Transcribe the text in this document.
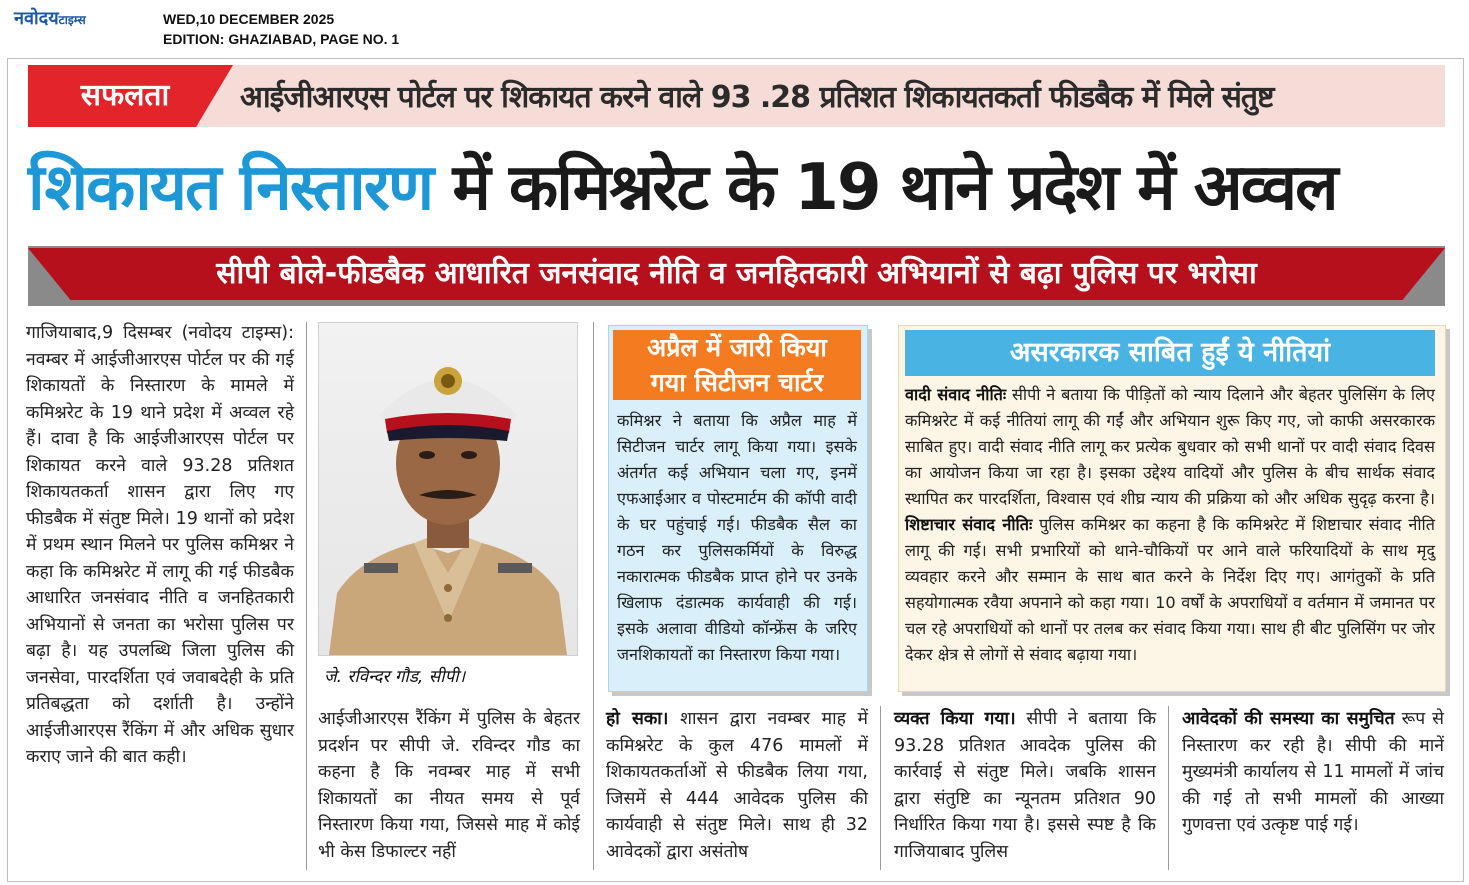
नवोदयटाइम्स	WED,10 DECEMBER 2025
EDITION: GHAZIABAD, PAGE NO. 1
सफलता	आईजीआरएस पोर्टल पर शिकायत करने वाले 93 .28 प्रतिशत शिकायतकर्ता फीडबैक में मिले संतुष्ट
शिकायत निस्तारण में कमिश्नरेट के 19 थाने प्रदेश में अव्वल
सीपी बोले-फीडबैक आधारित जनसंवाद नीति व जनहितकारी अभियानों से बढ़ा पुलिस पर भरोसा
गाजियाबाद,9 दिसम्बर (नवोदय टाइम्स): नवम्बर में आईजीआरएस पोर्टल पर की गई शिकायतों के निस्तारण के मामले में कमिश्नरेट के 19 थाने प्रदेश में अव्वल रहे हैं। दावा है कि आईजीआरएस पोर्टल पर शिकायत करने वाले 93.28 प्रतिशत शिकायतकर्ता शासन द्वारा लिए गए फीडबैक में संतुष्ट मिले। 19 थानों को प्रदेश में प्रथम स्थान मिलने पर पुलिस कमिश्नर ने कहा कि कमिश्नरेट में लागू की गई फीडबैक आधारित जनसंवाद नीति व जनहितकारी अभियानों से जनता का भरोसा पुलिस पर बढ़ा है। यह उपलब्धि जिला पुलिस की जनसेवा, पारदर्शिता एवं जवाबदेही के प्रति प्रतिबद्धता को दर्शाती है। उन्होंने आईजीआरएस रैंकिंग में और अधिक सुधार कराए जाने की बात कही।
जे. रविन्दर गौड, सीपी।
आईजीआरएस रैंकिंग में पुलिस के बेहतर प्रदर्शन पर सीपी जे. रविन्दर गौड का कहना है कि नवम्बर माह में सभी शिकायतों का नीयत समय से पूर्व निस्तारण किया गया, जिससे माह में कोई भी केस डिफाल्टर नहीं
अप्रैल में जारी किया
गया सिटीजन चार्टर
कमिश्नर ने बताया कि अप्रैल माह में सिटीजन चार्टर लागू किया गया। इसके अंतर्गत कई अभियान चला गए, इनमें एफआईआर व पोस्टमार्टम की कॉपी वादी के घर पहुंचाई गई। फीडबैक सैल का गठन कर पुलिसकर्मियों के विरुद्ध नकारात्मक फीडबैक प्राप्त होने पर उनके खिलाफ दंडात्मक कार्यवाही की गई। इसके अलावा वीडियो कॉन्फ्रेंस के जरिए जनशिकायतों का निस्तारण किया गया।
असरकारक साबित हुईं ये नीतियां
वादी संवाद नीतिः सीपी ने बताया कि पीड़ितों को न्याय दिलाने और बेहतर पुलिसिंग के लिए कमिश्नरेट में कई नीतियां लागू की गईं और अभियान शुरू किए गए, जो काफी असरकारक साबित हुए। वादी संवाद नीति लागू कर प्रत्येक बुधवार को सभी थानों पर वादी संवाद दिवस का आयोजन किया जा रहा है। इसका उद्देश्य वादियों और पुलिस के बीच सार्थक संवाद स्थापित कर पारदर्शिता, विश्वास एवं शीघ्र न्याय की प्रक्रिया को और अधिक सुदृढ़ करना है। शिष्टाचार संवाद नीतिः पुलिस कमिश्नर का कहना है कि कमिश्नरेट में शिष्टाचार संवाद नीति लागू की गई। सभी प्रभारियों को थाने-चौकियों पर आने वाले फरियादियों के साथ मृदु व्यवहार करने और सम्मान के साथ बात करने के निर्देश दिए गए। आगंतुकों के प्रति सहयोगात्मक रवैया अपनाने को कहा गया। 10 वर्षों के अपराधियों व वर्तमान में जमानत पर चल रहे अपराधियों को थानों पर तलब कर संवाद किया गया। साथ ही बीट पुलिसिंग पर जोर देकर क्षेत्र से लोगों से संवाद बढ़ाया गया।
हो सका। शासन द्वारा नवम्बर माह में कमिश्नरेट के कुल 476 मामलों में शिकायतकर्ताओं से फीडबैक लिया गया, जिसमें से 444 आवेदक पुलिस की कार्यवाही से संतुष्ट मिले। साथ ही 32 आवेदकों द्वारा असंतोष
व्यक्त किया गया। सीपी ने बताया कि 93.28 प्रतिशत आवदेक पुलिस की कार्रवाई से संतुष्ट मिले। जबकि शासन द्वारा संतुष्टि का न्यूनतम प्रतिशत 90 निर्धारित किया गया है। इससे स्पष्ट है कि गाजियाबाद पुलिस
आवेदकों की समस्या का समुचित रूप से निस्तारण कर रही है। सीपी की मानें मुख्यमंत्री कार्यालय से 11 मामलों में जांच की गई तो सभी मामलों की आख्या गुणवत्ता एवं उत्कृष्ट पाई गई।
